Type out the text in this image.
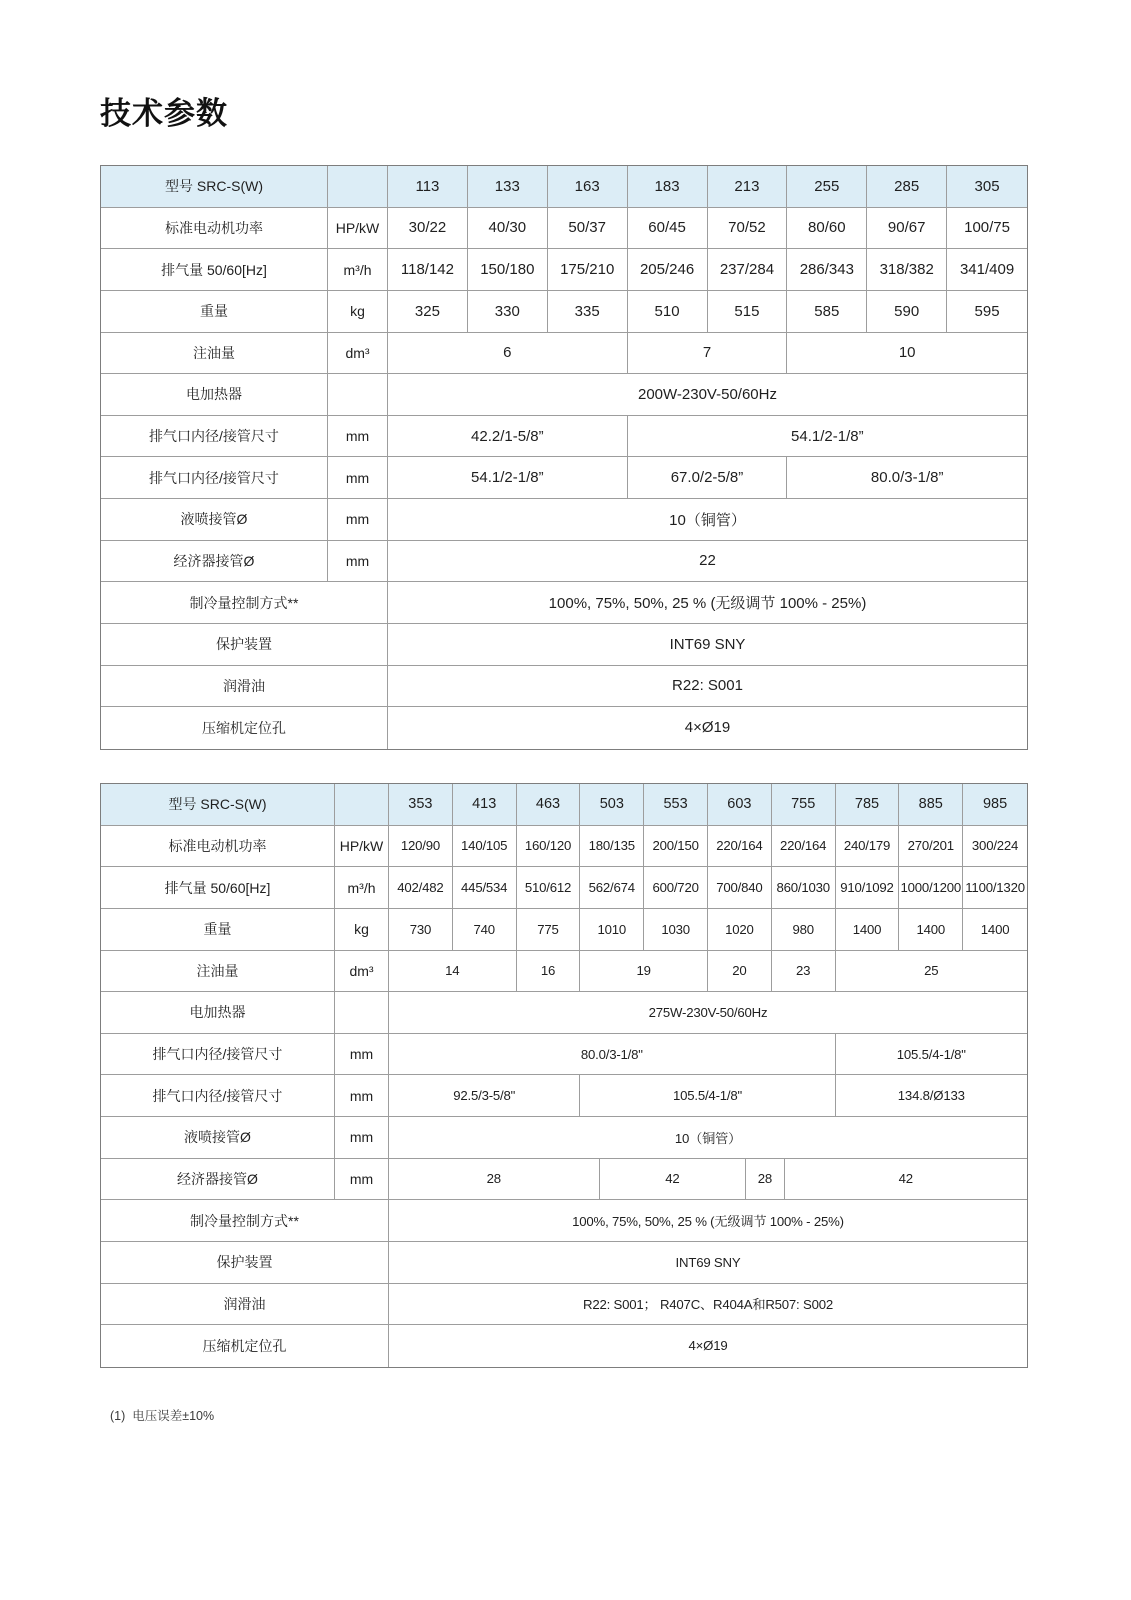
技术参数
型号 SRC-S(W)	113	133	163	183	213	255	285	305
标准电动机功率	HP/kW	30/22	40/30	50/37	60/45	70/52	80/60	90/67	100/75
排气量 50/60[Hz]	m³/h	118/142	150/180	175/210	205/246	237/284	286/343	318/382	341/409
重量	kg	325	330	335	510	515	585	590	595
注油量	dm³	6	7	10
电加热器	200W-230V-50/60Hz
排气口内径/接管尺寸	mm	42.2/1-5/8”	54.1/2-1/8”
排气口内径/接管尺寸	mm	54.1/2-1/8”	67.0/2-5/8”	80.0/3-1/8”
液喷接管Ø	mm	10（铜管）
经济器接管Ø	mm	22
制冷量控制方式**	100%, 75%, 50%, 25 % (无级调节 100% - 25%)
保护装置	INT69 SNY
润滑油	R22: S001
压缩机定位孔	4×Ø19
型号 SRC-S(W)	353	413	463	503	553	603	755	785	885	985
标准电动机功率	HP/kW	120/90	140/105	160/120	180/135	200/150	220/164	220/164	240/179	270/201	300/224
排气量 50/60[Hz]	m³/h	402/482	445/534	510/612	562/674	600/720	700/840	860/1030 910/1092 1000/1200 1100/1320
重量	kg	730	740	775	1010	1030	1020	980	1400	1400	1400
注油量	dm³	14	16	19	20	23	25
电加热器	275W-230V-50/60Hz
排气口内径/接管尺寸	mm	80.0/3-1/8"	105.5/4-1/8"
排气口内径/接管尺寸	mm	92.5/3-5/8"	105.5/4-1/8"	134.8/Ø133
液喷接管Ø	mm	10（铜管）
经济器接管Ø	mm	28	42	28	42
制冷量控制方式**	100%, 75%, 50%, 25 % (无级调节 100% - 25%)
保护装置	INT69 SNY
润滑油	R22: S001； R407C、R404A和R507: S002
压缩机定位孔	4×Ø19
(1)  电压误差±10%
